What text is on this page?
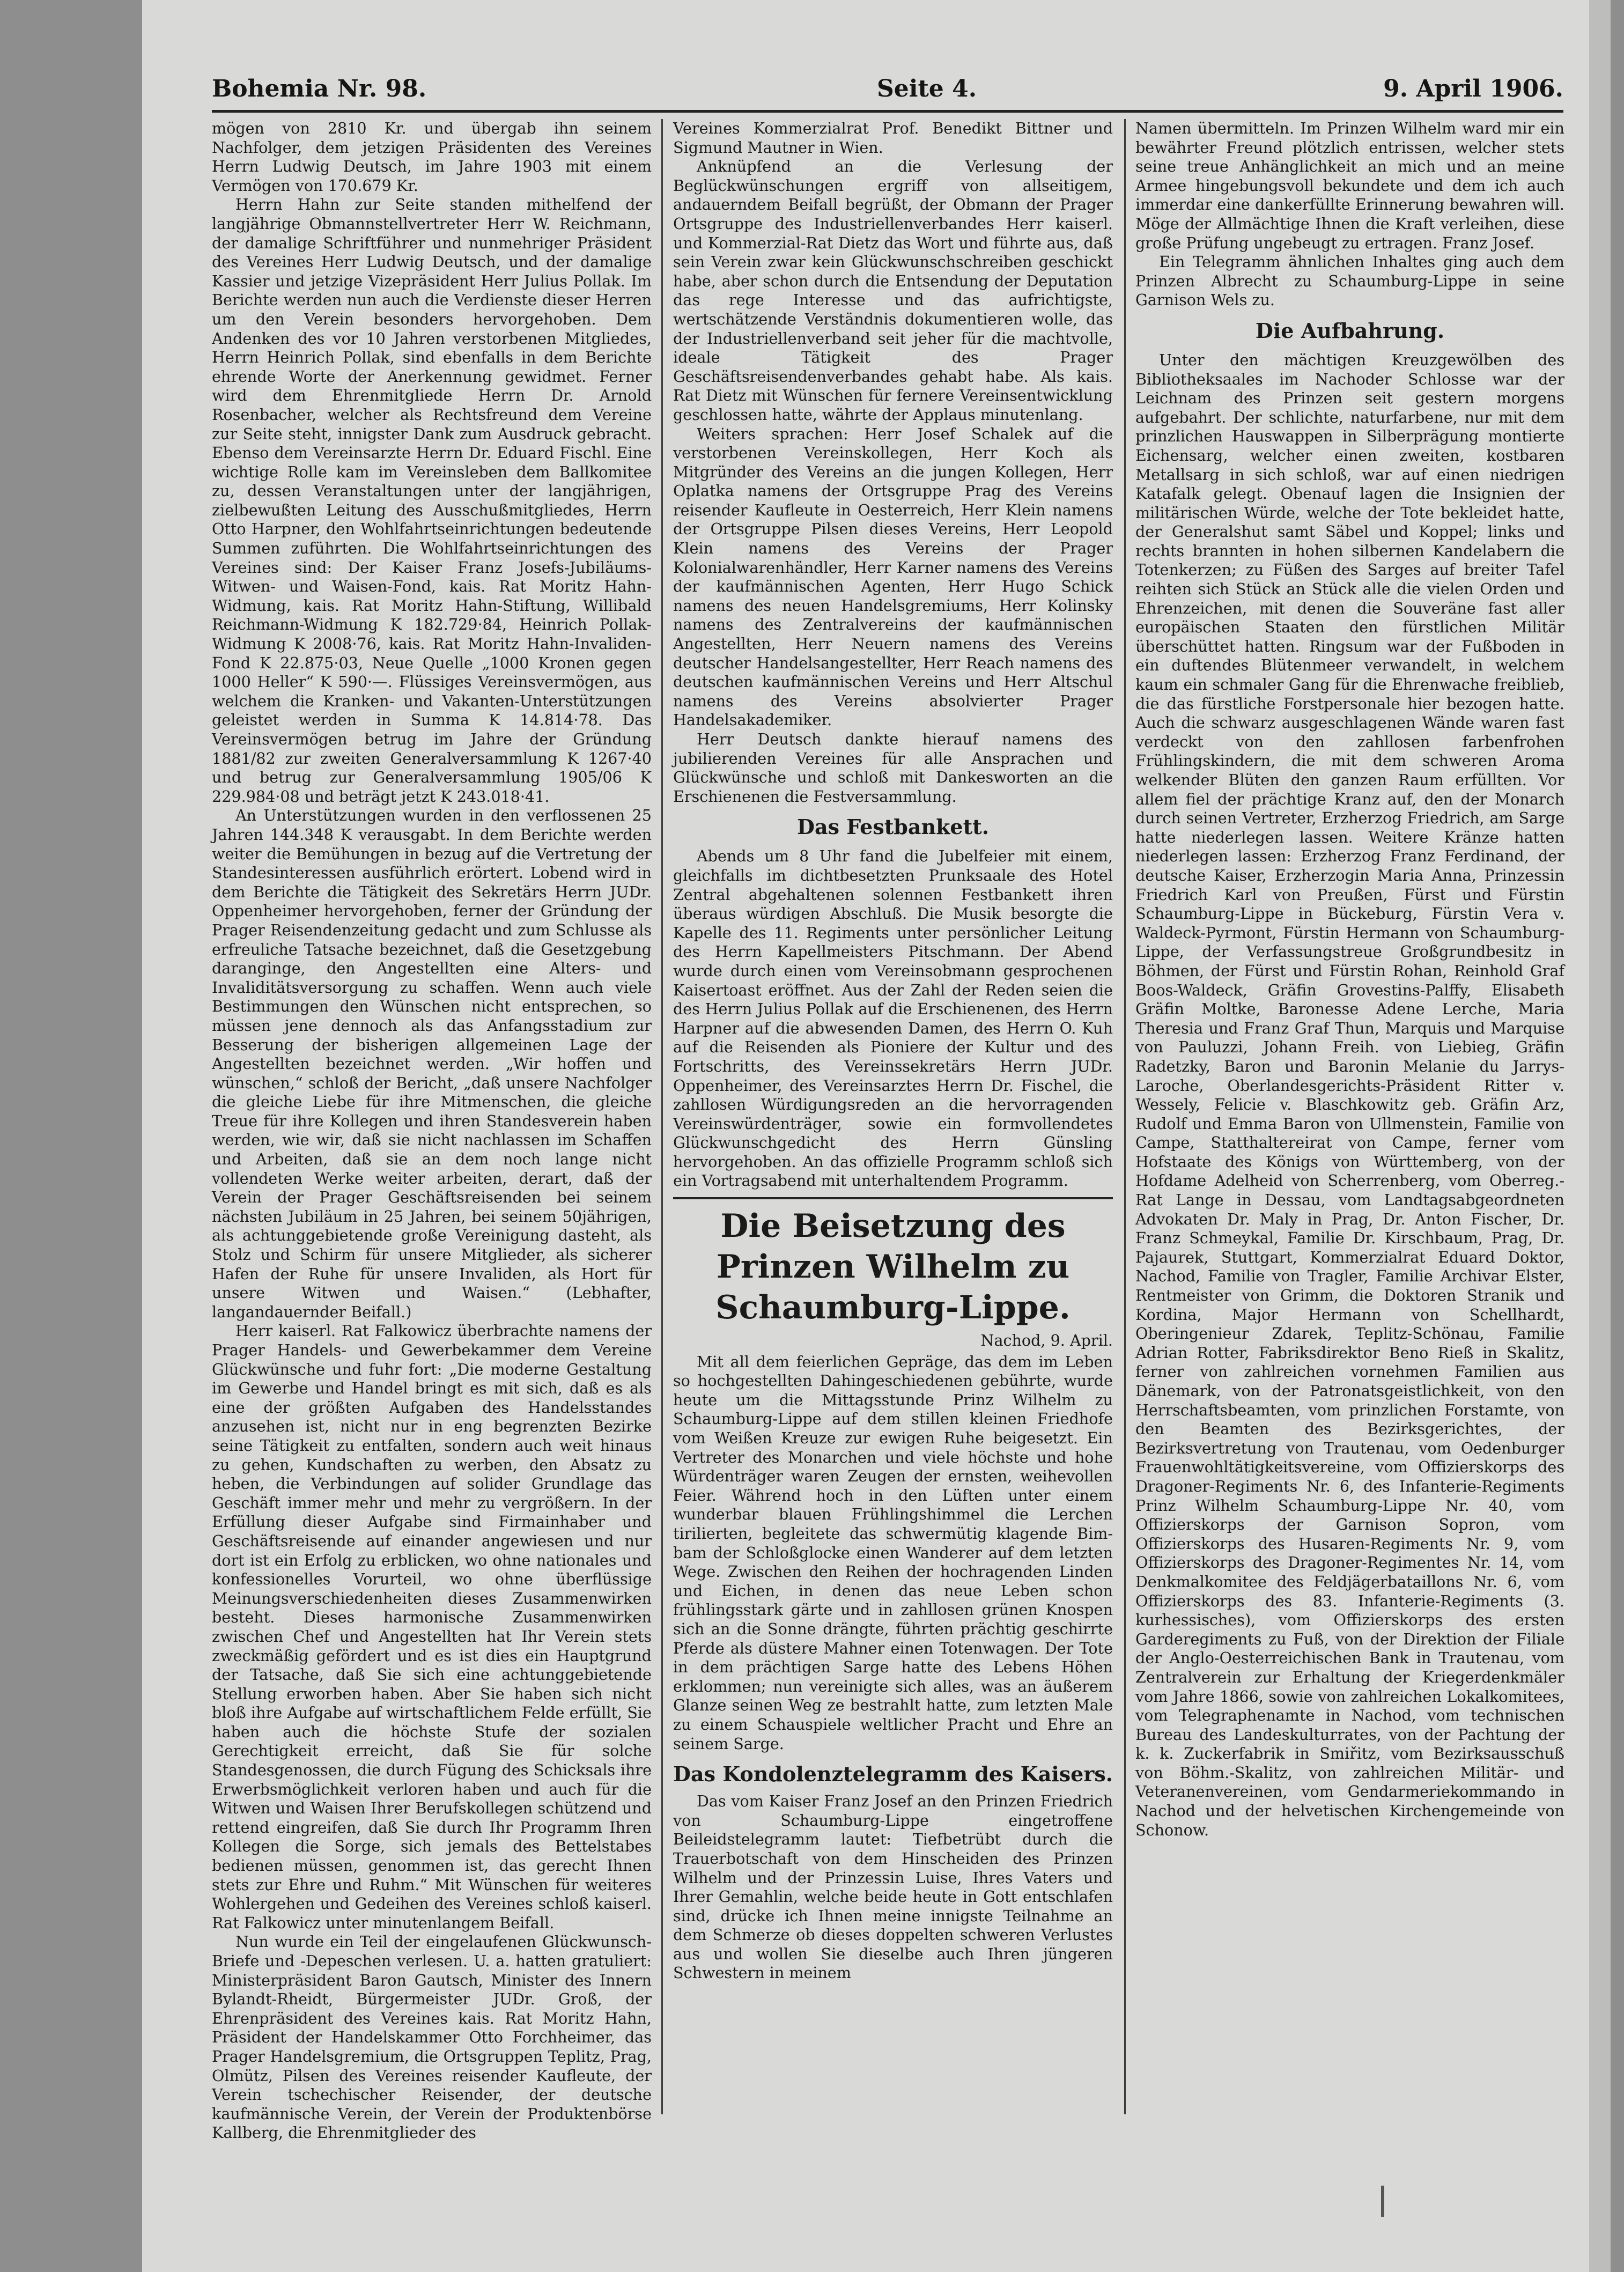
Bohemia Nr. 98.	Seite 4.	9. April 1906.

mögen von 2810 Kr. und übergab ihn seinem Nachfolger, dem jetzigen Präsidenten des Vereines Herrn Ludwig Deutsch, im Jahre 1903 mit einem Vermögen von 170.679 Kr.

Herrn Hahn zur Seite standen mithelfend der langjährige Obmannstellvertreter Herr W. Reichmann, der damalige Schriftführer und nunmehriger Präsident des Vereines Herr Ludwig Deutsch, und der damalige Kassier und jetzige Vizepräsident Herr Julius Pollak. Im Berichte werden nun auch die Verdienste dieser Herren um den Verein besonders hervorgehoben. Dem Andenken des vor 10 Jahren verstorbenen Mitgliedes, Herrn Heinrich Pollak, sind ebenfalls in dem Berichte ehrende Worte der Anerkennung gewidmet. Ferner wird dem Ehrenmitgliede Herrn Dr. Arnold Rosenbacher, welcher als Rechtsfreund dem Vereine zur Seite steht, innigster Dank zum Ausdruck gebracht. Ebenso dem Vereinsarzte Herrn Dr. Eduard Fischl. Eine wichtige Rolle kam im Vereinsleben dem Ballkomitee zu, dessen Veranstaltungen unter der langjährigen, zielbewußten Leitung des Ausschußmitgliedes, Herrn Otto Harpner, den Wohlfahrtseinrichtungen bedeutende Summen zuführten. Die Wohlfahrtseinrichtungen des Vereines sind: Der Kaiser Franz Josefs-Jubiläums-Witwen- und Waisen-Fond, kais. Rat Moritz Hahn-Widmung, kais. Rat Moritz Hahn-Stiftung, Willibald Reichmann-Widmung K 182.729·84, Heinrich Pollak-Widmung K 2008·76, kais. Rat Moritz Hahn-Invaliden-Fond K 22.875·03, Neue Quelle „1000 Kronen gegen 1000 Heller“ K 590·—. Flüssiges Vereinsvermögen, aus welchem die Kranken- und Vakanten-Unterstützungen geleistet werden in Summa K 14.814·78. Das Vereinsvermögen betrug im Jahre der Gründung 1881/82 zur zweiten Generalversammlung K 1267·40 und betrug zur Generalversammlung 1905/06 K 229.984·08 und beträgt jetzt K 243.018·41.

An Unterstützungen wurden in den verflossenen 25 Jahren 144.348 K verausgabt. In dem Berichte werden weiter die Bemühungen in bezug auf die Vertretung der Standesinteressen ausführlich erörtert. Lobend wird in dem Berichte die Tätigkeit des Sekretärs Herrn JUDr. Oppenheimer hervorgehoben, ferner der Gründung der Prager Reisendenzeitung gedacht und zum Schlusse als erfreuliche Tatsache bezeichnet, daß die Gesetzgebung daranginge, den Angestellten eine Alters- und Invaliditätsversorgung zu schaffen. Wenn auch viele Bestimmungen den Wünschen nicht entsprechen, so müssen jene dennoch als das Anfangsstadium zur Besserung der bisherigen allgemeinen Lage der Angestellten bezeichnet werden. „Wir hoffen und wünschen,“ schloß der Bericht, „daß unsere Nachfolger die gleiche Liebe für ihre Mitmenschen, die gleiche Treue für ihre Kollegen und ihren Standesverein haben werden, wie wir, daß sie nicht nachlassen im Schaffen und Arbeiten, daß sie an dem noch lange nicht vollendeten Werke weiter arbeiten, derart, daß der Verein der Prager Geschäftsreisenden bei seinem nächsten Jubiläum in 25 Jahren, bei seinem 50jährigen, als achtunggebietende große Vereinigung dasteht, als Stolz und Schirm für unsere Mitglieder, als sicherer Hafen der Ruhe für unsere Invaliden, als Hort für unsere Witwen und Waisen.“ (Lebhafter, langandauernder Beifall.)

Herr kaiserl. Rat Falkowicz überbrachte namens der Prager Handels- und Gewerbekammer dem Vereine Glückwünsche und fuhr fort: „Die moderne Gestaltung im Gewerbe und Handel bringt es mit sich, daß es als eine der größten Aufgaben des Handelsstandes anzusehen ist, nicht nur in eng begrenzten Bezirke seine Tätigkeit zu entfalten, sondern auch weit hinaus zu gehen, Kundschaften zu werben, den Absatz zu heben, die Verbindungen auf solider Grundlage das Geschäft immer mehr und mehr zu vergrößern. In der Erfüllung dieser Aufgabe sind Firmainhaber und Geschäftsreisende auf einander angewiesen und nur dort ist ein Erfolg zu erblicken, wo ohne nationales und konfessionelles Vorurteil, wo ohne überflüssige Meinungsverschiedenheiten dieses Zusammenwirken besteht. Dieses harmonische Zusammenwirken zwischen Chef und Angestellten hat Ihr Verein stets zweckmäßig gefördert und es ist dies ein Hauptgrund der Tatsache, daß Sie sich eine achtunggebietende Stellung erworben haben. Aber Sie haben sich nicht bloß ihre Aufgabe auf wirtschaftlichem Felde erfüllt, Sie haben auch die höchste Stufe der sozialen Gerechtigkeit erreicht, daß Sie für solche Standesgenossen, die durch Fügung des Schicksals ihre Erwerbsmöglichkeit verloren haben und auch für die Witwen und Waisen Ihrer Berufskollegen schützend und rettend eingreifen, daß Sie durch Ihr Programm Ihren Kollegen die Sorge, sich jemals des Bettelstabes bedienen müssen, genommen ist, das gerecht Ihnen stets zur Ehre und Ruhm.“ Mit Wünschen für weiteres Wohlergehen und Gedeihen des Vereines schloß kaiserl. Rat Falkowicz unter minutenlangem Beifall.

Nun wurde ein Teil der eingelaufenen Glückwunsch-Briefe und -Depeschen verlesen. U. a. hatten gratuliert: Ministerpräsident Baron Gautsch, Minister des Innern Bylandt-Rheidt, Bürgermeister JUDr. Groß, der Ehrenpräsident des Vereines kais. Rat Moritz Hahn, Präsident der Handelskammer Otto Forchheimer, das Prager Handelsgremium, die Ortsgruppen Teplitz, Prag, Olmütz, Pilsen des Vereines reisender Kaufleute, der Verein tschechischer Reisender, der deutsche kaufmännische Verein, der Verein der Produktenbörse Kallberg, die Ehrenmitglieder des

Vereines Kommerzialrat Prof. Benedikt Bittner und Sigmund Mautner in Wien.

Anknüpfend an die Verlesung der Beglückwünschungen ergriff von allseitigem, andauerndem Beifall begrüßt, der Obmann der Prager Ortsgruppe des Industriellenverbandes Herr kaiserl. und Kommerzial-Rat Dietz das Wort und führte aus, daß sein Verein zwar kein Glückwunschschreiben geschickt habe, aber schon durch die Entsendung der Deputation das rege Interesse und das aufrichtigste, wertschätzende Verständnis dokumentieren wolle, das der Industriellenverband seit jeher für die machtvolle, ideale Tätigkeit des Prager Geschäftsreisendenverbandes gehabt habe. Als kais. Rat Dietz mit Wünschen für fernere Vereinsentwicklung geschlossen hatte, währte der Applaus minutenlang.

Weiters sprachen: Herr Josef Schalek auf die verstorbenen Vereinskollegen, Herr Koch als Mitgründer des Vereins an die jungen Kollegen, Herr Oplatka namens der Ortsgruppe Prag des Vereins reisender Kaufleute in Oesterreich, Herr Klein namens der Ortsgruppe Pilsen dieses Vereins, Herr Leopold Klein namens des Vereins der Prager Kolonialwarenhändler, Herr Karner namens des Vereins der kaufmännischen Agenten, Herr Hugo Schick namens des neuen Handelsgremiums, Herr Kolinsky namens des Zentralvereins der kaufmännischen Angestellten, Herr Neuern namens des Vereins deutscher Handelsangestellter, Herr Reach namens des deutschen kaufmännischen Vereins und Herr Altschul namens des Vereins absolvierter Prager Handelsakademiker.

Herr Deutsch dankte hierauf namens des jubilierenden Vereines für alle Ansprachen und Glückwünsche und schloß mit Dankesworten an die Erschienenen die Festversammlung.

Das Festbankett.

Abends um 8 Uhr fand die Jubelfeier mit einem, gleichfalls im dichtbesetzten Prunksaale des Hotel Zentral abgehaltenen solennen Festbankett ihren überaus würdigen Abschluß. Die Musik besorgte die Kapelle des 11. Regiments unter persönlicher Leitung des Herrn Kapellmeisters Pitschmann. Der Abend wurde durch einen vom Vereinsobmann gesprochenen Kaisertoast eröffnet. Aus der Zahl der Reden seien die des Herrn Julius Pollak auf die Erschienenen, des Herrn Harpner auf die abwesenden Damen, des Herrn O. Kuh auf die Reisenden als Pioniere der Kultur und des Fortschritts, des Vereinssekretärs Herrn JUDr. Oppenheimer, des Vereinsarztes Herrn Dr. Fischel, die zahllosen Würdigungsreden an die hervorragenden Vereinswürdenträger, sowie ein formvollendetes Glückwunschgedicht des Herrn Günsling hervorgehoben. An das offizielle Programm schloß sich ein Vortragsabend mit unterhaltendem Programm.

Die Beisetzung des Prinzen Wilhelm zu Schaumburg-Lippe.
Nachod, 9. April.

Mit all dem feierlichen Gepräge, das dem im Leben so hochgestellten Dahingeschiedenen gebührte, wurde heute um die Mittagsstunde Prinz Wilhelm zu Schaumburg-Lippe auf dem stillen kleinen Friedhofe vom Weißen Kreuze zur ewigen Ruhe beigesetzt. Ein Vertreter des Monarchen und viele höchste und hohe Würdenträger waren Zeugen der ernsten, weihevollen Feier. Während hoch in den Lüften unter einem wunderbar blauen Frühlingshimmel die Lerchen tirilierten, begleitete das schwermütig klagende Bim-bam der Schloßglocke einen Wanderer auf dem letzten Wege. Zwischen den Reihen der hochragenden Linden und Eichen, in denen das neue Leben schon frühlingsstark gärte und in zahllosen grünen Knospen sich an die Sonne drängte, führten prächtig geschirrte Pferde als düstere Mahner einen Totenwagen. Der Tote in dem prächtigen Sarge hatte des Lebens Höhen erklommen; nun vereinigte sich alles, was an äußerem Glanze seinen Weg ze bestrahlt hatte, zum letzten Male zu einem Schauspiele weltlicher Pracht und Ehre an seinem Sarge.

Das Kondolenztelegramm des Kaisers.

Das vom Kaiser Franz Josef an den Prinzen Friedrich von Schaumburg-Lippe eingetroffene Beileidstelegramm lautet: Tiefbetrübt durch die Trauerbotschaft von dem Hinscheiden des Prinzen Wilhelm und der Prinzessin Luise, Ihres Vaters und Ihrer Gemahlin, welche beide heute in Gott entschlafen sind, drücke ich Ihnen meine innigste Teilnahme an dem Schmerze ob dieses doppelten schweren Verlustes aus und wollen Sie dieselbe auch Ihren jüngeren Schwestern in meinem

Namen übermitteln. Im Prinzen Wilhelm ward mir ein bewährter Freund plötzlich entrissen, welcher stets seine treue Anhänglichkeit an mich und an meine Armee hingebungsvoll bekundete und dem ich auch immerdar eine dankerfüllte Erinnerung bewahren will. Möge der Allmächtige Ihnen die Kraft verleihen, diese große Prüfung ungebeugt zu ertragen. Franz Josef.

Ein Telegramm ähnlichen Inhaltes ging auch dem Prinzen Albrecht zu Schaumburg-Lippe in seine Garnison Wels zu.

Die Aufbahrung.

Unter den mächtigen Kreuzgewölben des Bibliotheksaales im Nachoder Schlosse war der Leichnam des Prinzen seit gestern morgens aufgebahrt. Der schlichte, naturfarbene, nur mit dem prinzlichen Hauswappen in Silberprägung montierte Eichensarg, welcher einen zweiten, kostbaren Metallsarg in sich schloß, war auf einen niedrigen Katafalk gelegt. Obenauf lagen die Insignien der militärischen Würde, welche der Tote bekleidet hatte, der Generalshut samt Säbel und Koppel; links und rechts brannten in hohen silbernen Kandelabern die Totenkerzen; zu Füßen des Sarges auf breiter Tafel reihten sich Stück an Stück alle die vielen Orden und Ehrenzeichen, mit denen die Souveräne fast aller europäischen Staaten den fürstlichen Militär überschüttet hatten. Ringsum war der Fußboden in ein duftendes Blütenmeer verwandelt, in welchem kaum ein schmaler Gang für die Ehrenwache freiblieb, die das fürstliche Forstpersonale hier bezogen hatte. Auch die schwarz ausgeschlagenen Wände waren fast verdeckt von den zahllosen farbenfrohen Frühlingskindern, die mit dem schweren Aroma welkender Blüten den ganzen Raum erfüllten. Vor allem fiel der prächtige Kranz auf, den der Monarch durch seinen Vertreter, Erzherzog Friedrich, am Sarge hatte niederlegen lassen. Weitere Kränze hatten niederlegen lassen: Erzherzog Franz Ferdinand, der deutsche Kaiser, Erzherzogin Maria Anna, Prinzessin Friedrich Karl von Preußen, Fürst und Fürstin Schaumburg-Lippe in Bückeburg, Fürstin Vera v. Waldeck-Pyrmont, Fürstin Hermann von Schaumburg-Lippe, der Verfassungstreue Großgrundbesitz in Böhmen, der Fürst und Fürstin Rohan, Reinhold Graf Boos-Waldeck, Gräfin Grovestins-Palffy, Elisabeth Gräfin Moltke, Baronesse Adene Lerche, Maria Theresia und Franz Graf Thun, Marquis und Marquise von Pauluzzi, Johann Freih. von Liebieg, Gräfin Radetzky, Baron und Baronin Melanie du Jarrys-Laroche, Oberlandesgerichts-Präsident Ritter v. Wessely, Felicie v. Blaschkowitz geb. Gräfin Arz, Rudolf und Emma Baron von Ullmenstein, Familie von Campe, Statthaltereirat von Campe, ferner vom Hofstaate des Königs von Württemberg, von der Hofdame Adelheid von Scherrenberg, vom Oberreg.-Rat Lange in Dessau, vom Landtagsabgeordneten Advokaten Dr. Maly in Prag, Dr. Anton Fischer, Dr. Franz Schmeykal, Familie Dr. Kirschbaum, Prag, Dr. Pajaurek, Stuttgart, Kommerzialrat Eduard Doktor, Nachod, Familie von Tragler, Familie Archivar Elster, Rentmeister von Grimm, die Doktoren Stranik und Kordina, Major Hermann von Schellhardt, Oberingenieur Zdarek, Teplitz-Schönau, Familie Adrian Rotter, Fabriksdirektor Beno Rieß in Skalitz, ferner von zahlreichen vornehmen Familien aus Dänemark, von der Patronatsgeistlichkeit, von den Herrschaftsbeamten, vom prinzlichen Forstamte, von den Beamten des Bezirksgerichtes, der Bezirksvertretung von Trautenau, vom Oedenburger Frauenwohltätigkeitsvereine, vom Offizierskorps des Dragoner-Regiments Nr. 6, des Infanterie-Regiments Prinz Wilhelm Schaumburg-Lippe Nr. 40, vom Offizierskorps der Garnison Sopron, vom Offizierskorps des Husaren-Regiments Nr. 9, vom Offizierskorps des Dragoner-Regimentes Nr. 14, vom Denkmalkomitee des Feldjägerbataillons Nr. 6, vom Offizierskorps des 83. Infanterie-Regiments (3. kurhessisches), vom Offizierskorps des ersten Garderegiments zu Fuß, von der Direktion der Filiale der Anglo-Oesterreichischen Bank in Trautenau, vom Zentralverein zur Erhaltung der Kriegerdenkmäler vom Jahre 1866, sowie von zahlreichen Lokalkomitees, vom Telegraphenamte in Nachod, vom technischen Bureau des Landeskulturrates, von der Pachtung der k. k. Zuckerfabrik in Smiřitz, vom Bezirksausschuß von Böhm.-Skalitz, von zahlreichen Militär- und Veteranenvereinen, vom Gendarmeriekommando in Nachod und der helvetischen Kirchengemeinde von Schonow.
